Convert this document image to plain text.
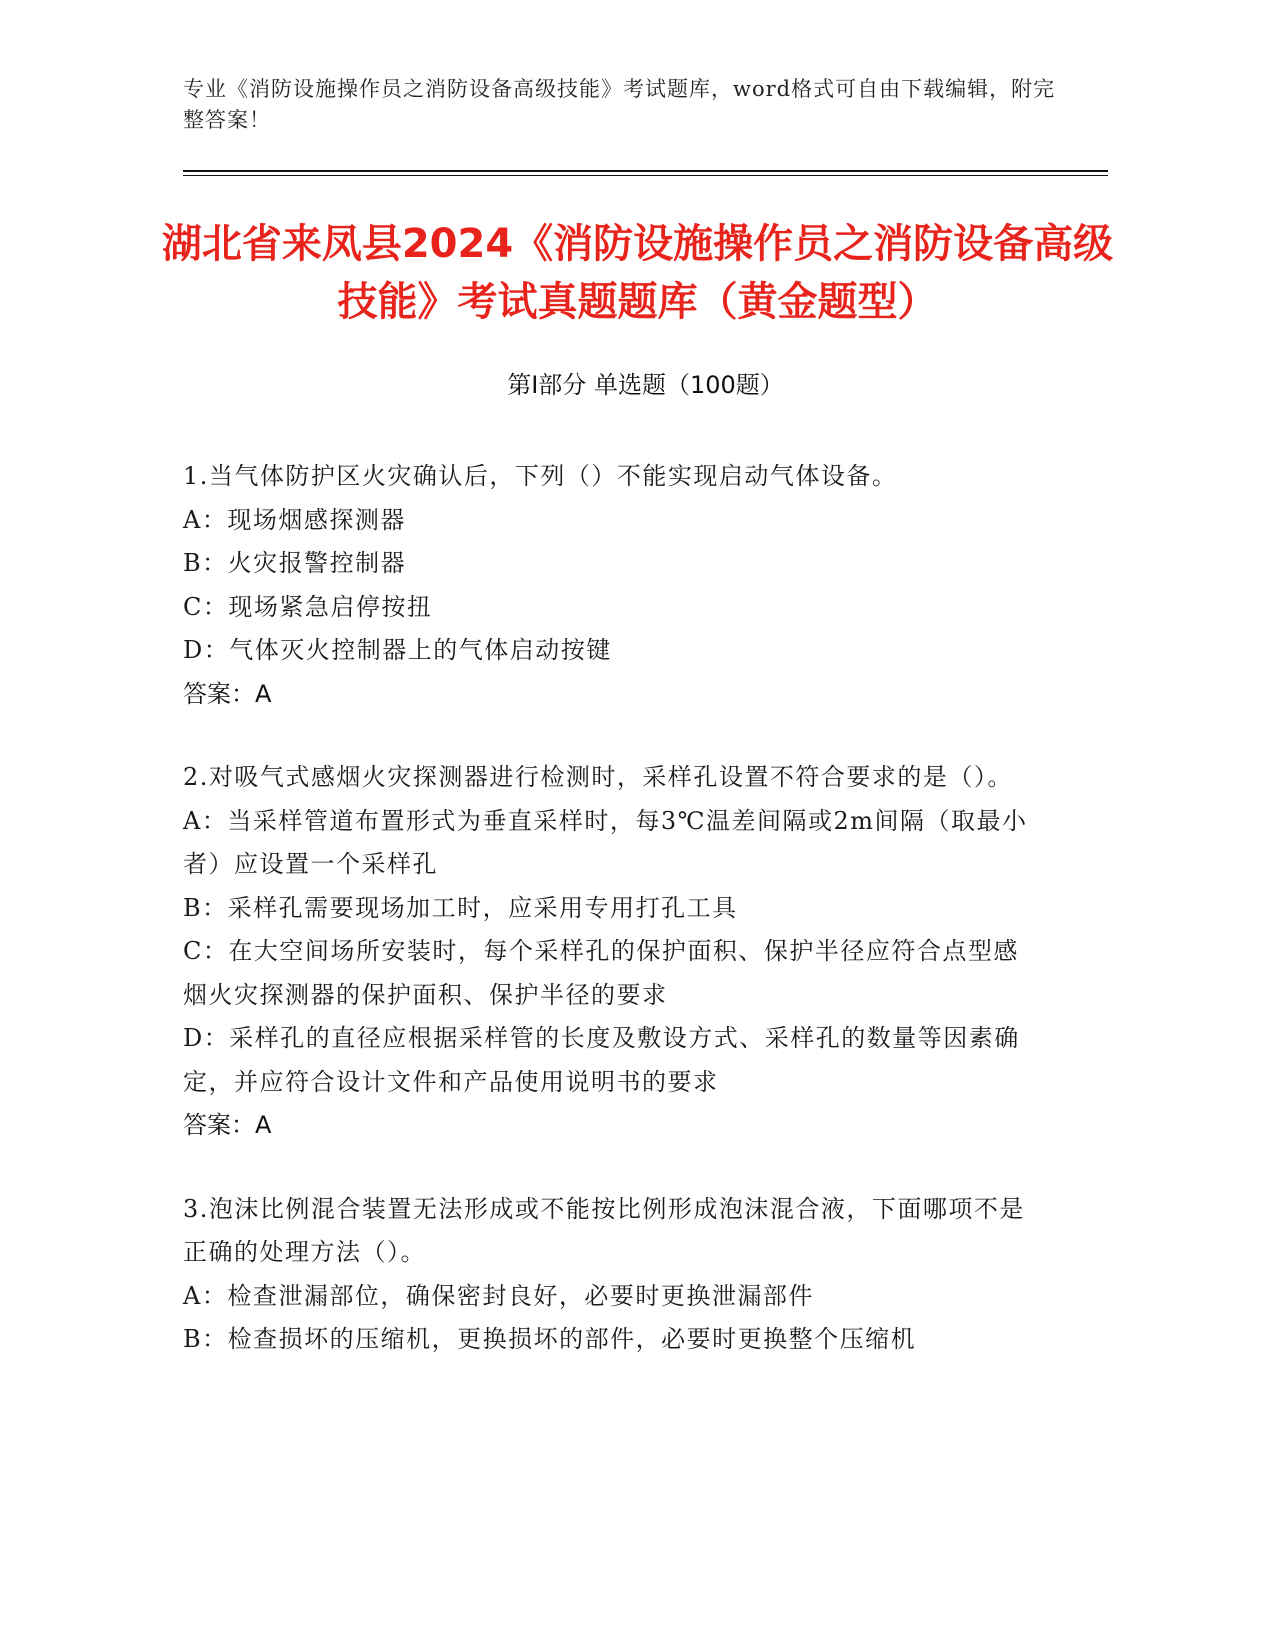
专业《消防设施操作员之消防设备高级技能》考试题库，word格式可自由下载编辑，附完整答案！
湖北省来凤县2024《消防设施操作员之消防设备高级技能》考试真题题库（黄金题型）
第Ⅰ部分 单选题（100题）

1.当气体防护区火灾确认后，下列（）不能实现启动气体设备。

A：现场烟感探测器

B：火灾报警控制器

C：现场紧急启停按扭

D：气体灭火控制器上的气体启动按键

答案：A

2.对吸气式感烟火灾探测器进行检测时，采样孔设置不符合要求的是（）。

A：当采样管道布置形式为垂直采样时，每3℃温差间隔或2m间隔（取最小者）应设置一个采样孔

B：采样孔需要现场加工时，应采用专用打孔工具

C：在大空间场所安装时，每个采样孔的保护面积、保护半径应符合点型感烟火灾探测器的保护面积、保护半径的要求

D：采样孔的直径应根据采样管的长度及敷设方式、采样孔的数量等因素确定，并应符合设计文件和产品使用说明书的要求

答案：A

3.泡沫比例混合装置无法形成或不能按比例形成泡沫混合液，下面哪项不是正确的处理方法（）。

A：检查泄漏部位，确保密封良好，必要时更换泄漏部件

B：检查损坏的压缩机，更换损坏的部件，必要时更换整个压缩机
